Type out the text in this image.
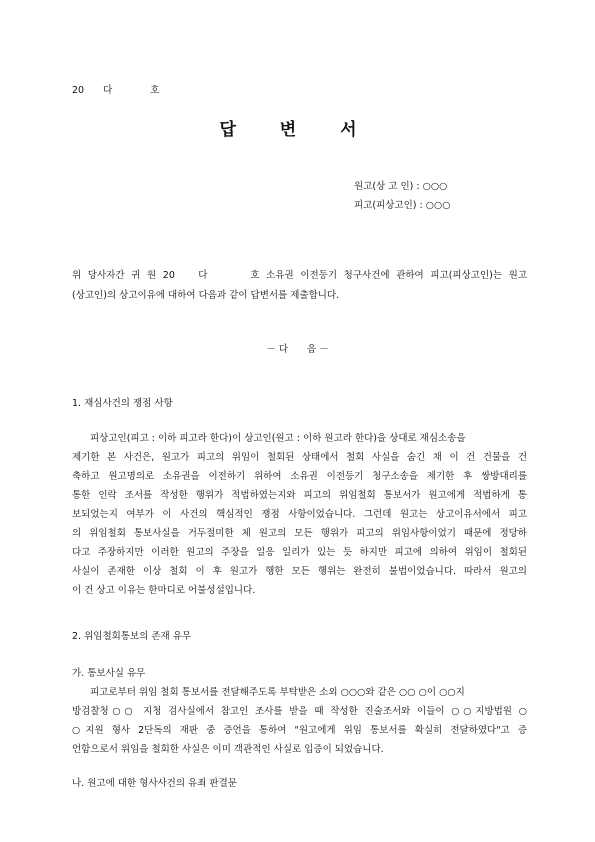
20　　다　　　　호
답 변 서
원고(상 고 인) : ○○○
피고(피상고인) : ○○○
위 당사자간 귀 원 20　 다　　　호 소유권 이전등기 청구사건에 관하여 피고(피상고인)는 원고
(상고인)의 상고이유에 대하여 다음과 같이 답변서를 제출합니다.
－ 다　　음 －
1. 재심사건의 쟁점 사항
피상고인(피고 : 이하 피고라 한다)이 상고인(원고 : 이하 원고라 한다)을 상대로 재심소송을
제기한 본 사건은, 원고가 피고의 위임이 철회된 상태에서 철회 사실을 숨긴 채 이 건 건물을 건
축하고 원고명의로 소유권을 이전하기 위하여 소유권 이전등기 청구소송을 제기한 후 쌍방대리를
통한 인락 조서를 작성한 행위가 적법하였는지와 피고의 위임철회 통보서가 원고에게 적법하게 통
보되었는지 여부가 이 사건의 핵심적인 쟁점 사항이었습니다. 그런데 원고는 상고이유서에서 피고
의 위임철회 통보사실을 거두절미한 체 원고의 모든 행위가 피고의 위임사항이었기 때문에 정당하
다고 주장하지만 이러한 원고의 주장을 일응 일리가 있는 듯 하지만 피고에 의하여 위임이 철회된
사실이 존재한 이상 철회 이 후 원고가 행한 모든 행위는 완전히 불법이었습니다. 따라서 원고의
이 건 상고 이유는 한마디로 어불성설입니다.
2. 위임철회통보의 존재 유무
가. 통보사실 유무
피고로부터 위임 철회 통보서를 전달해주도록 부탁받은 소외 ○○○와 같은 ○○ ○이 ○○지
방검찰청○○ 지청 검사실에서 참고인 조사를 받을 때 작성한 진술조서와 이들이 ○○지방법원 ○
○지원 형사 2단독의 재판 중 증언을 통하여 "원고에게 위임 통보서를 확실히 전달하였다"고 증
언함으로서 위임을 철회한 사실은 이미 객관적인 사실로 입증이 되었습니다.
나. 원고에 대한 형사사건의 유죄 판결문
